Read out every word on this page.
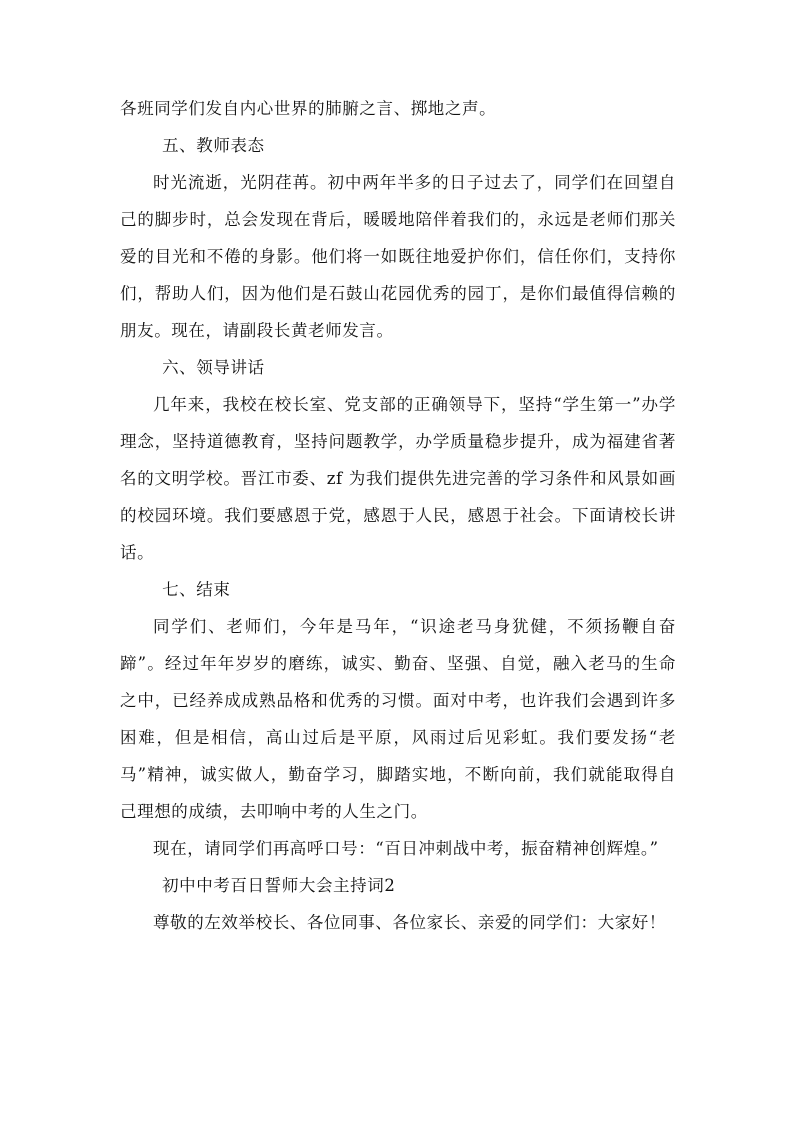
各班同学们发自内心世界的肺腑之言、掷地之声。

五、教师表态

时光流逝，光阴荏苒。初中两年半多的日子过去了，同学们在回望自己的脚步时，总会发现在背后，暖暖地陪伴着我们的，永远是老师们那关爱的目光和不倦的身影。他们将一如既往地爱护你们，信任你们，支持你们，帮助人们，因为他们是石鼓山花园优秀的园丁，是你们最值得信赖的朋友。现在，请副段长黄老师发言。

六、领导讲话

几年来，我校在校长室、党支部的正确领导下，坚持“学生第一”办学理念，坚持道德教育，坚持问题教学，办学质量稳步提升，成为福建省著名的文明学校。晋江市委、zf 为我们提供先进完善的学习条件和风景如画的校园环境。我们要感恩于党，感恩于人民，感恩于社会。下面请校长讲话。

七、结束

同学们、老师们，今年是马年，“识途老马身犹健，不须扬鞭自奋蹄”。经过年年岁岁的磨练，诚实、勤奋、坚强、自觉，融入老马的生命之中，已经养成成熟品格和优秀的习惯。面对中考，也许我们会遇到许多困难，但是相信，高山过后是平原，风雨过后见彩虹。我们要发扬“老马”精神，诚实做人，勤奋学习，脚踏实地，不断向前，我们就能取得自己理想的成绩，去叩响中考的人生之门。

现在，请同学们再高呼口号：“百日冲刺战中考，振奋精神创辉煌。”

初中中考百日誓师大会主持词2

尊敬的左效举校长、各位同事、各位家长、亲爱的同学们：大家好！
